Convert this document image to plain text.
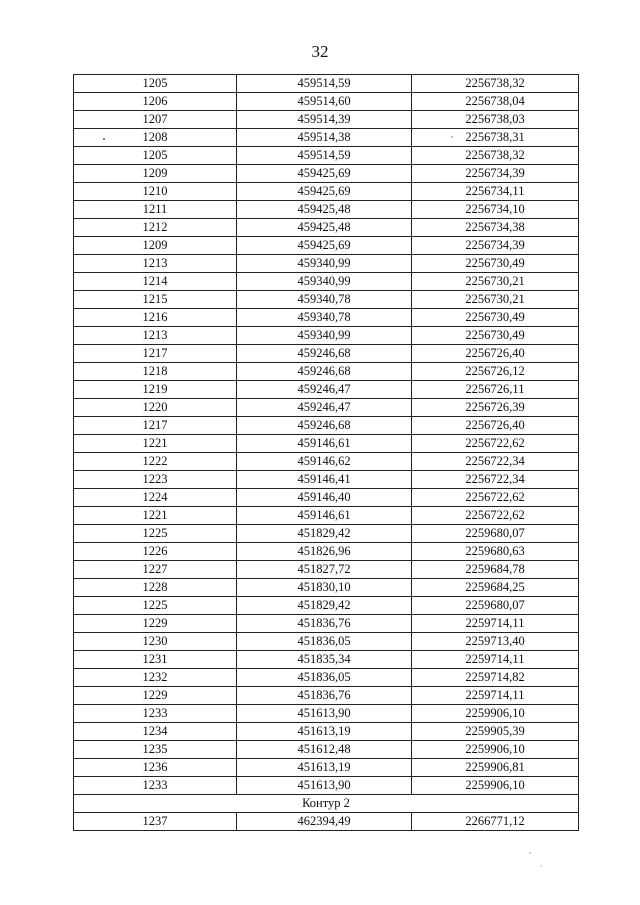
32
1205	459514,59	2256738,32
1206	459514,60	2256738,04
1207	459514,39	2256738,03
1208	459514,38	2256738,31
1205	459514,59	2256738,32
1209	459425,69	2256734,39
1210	459425,69	2256734,11
1211	459425,48	2256734,10
1212	459425,48	2256734,38
1209	459425,69	2256734,39
1213	459340,99	2256730,49
1214	459340,99	2256730,21
1215	459340,78	2256730,21
1216	459340,78	2256730,49
1213	459340,99	2256730,49
1217	459246,68	2256726,40
1218	459246,68	2256726,12
1219	459246,47	2256726,11
1220	459246,47	2256726,39
1217	459246,68	2256726,40
1221	459146,61	2256722,62
1222	459146,62	2256722,34
1223	459146,41	2256722,34
1224	459146,40	2256722,62
1221	459146,61	2256722,62
1225	451829,42	2259680,07
1226	451826,96	2259680,63
1227	451827,72	2259684,78
1228	451830,10	2259684,25
1225	451829,42	2259680,07
1229	451836,76	2259714,11
1230	451836,05	2259713,40
1231	451835,34	2259714,11
1232	451836,05	2259714,82
1229	451836,76	2259714,11
1233	451613,90	2259906,10
1234	451613,19	2259905,39
1235	451612,48	2259906,10
1236	451613,19	2259906,81
1233	451613,90	2259906,10
Контур 2		
1237	462394,49	2266771,12
